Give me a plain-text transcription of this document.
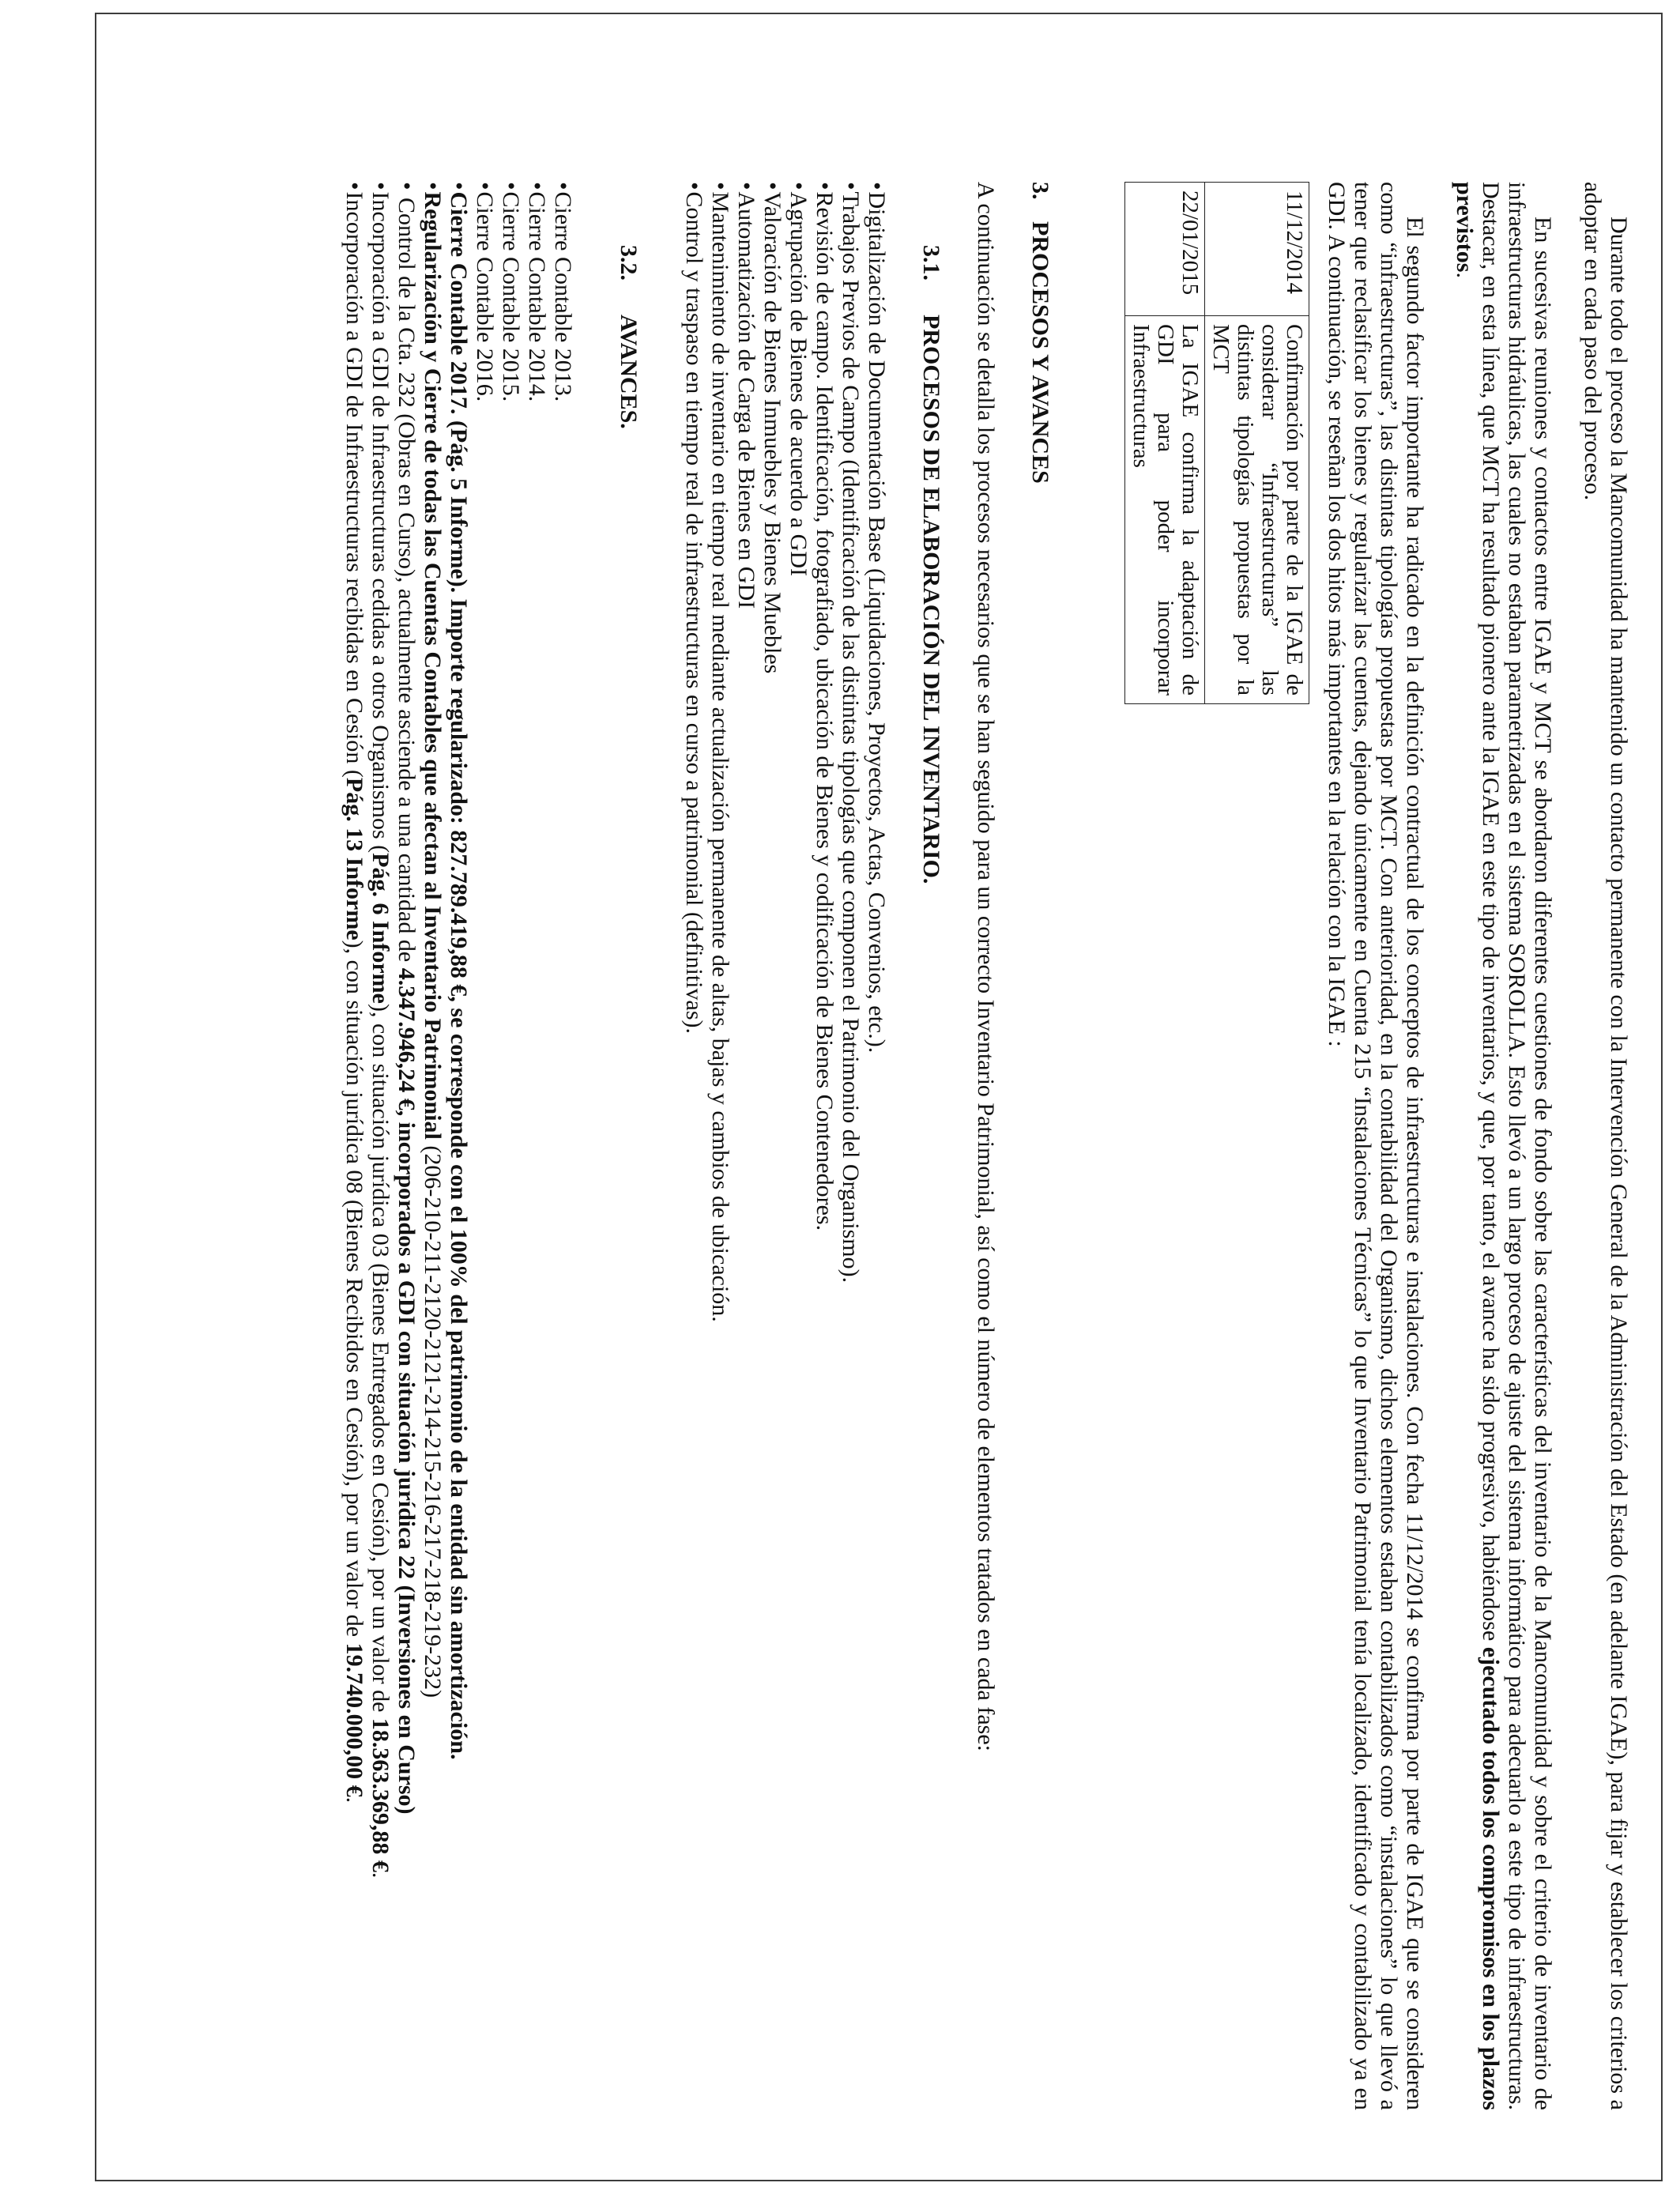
Durante todo el proceso la Mancomunidad ha mantenido un contacto permanente con la Intervención General de la Administración del Estado (en adelante IGAE), para fijar y establecer los criterios a adoptar en cada paso del proceso.

En sucesivas reuniones y contactos entre IGAE y MCT se abordaron diferentes cuestiones de fondo sobre las características del inventario de la Mancomunidad y sobre el criterio de inventario de infraestructuras hidráulicas, las cuales no estaban parametrizadas en el sistema SOROLLA. Esto llevó a un largo proceso de ajuste del sistema informático para adecuarlo a este tipo de infraestructuras. Destacar, en esta línea, que MCT ha resultado pionero ante la IGAE en este tipo de inventarios, y que, por tanto, el avance ha sido progresivo, habiéndose ejecutado todos los compromisos en los plazos previstos.

El segundo factor importante ha radicado en la definición contractual de los conceptos de infraestructuras e instalaciones. Con fecha 11/12/2014 se confirma por parte de IGAE que se consideren como “infraestructuras”, las distintas tipologías propuestas por MCT. Con anterioridad, en la contabilidad del Organismo, dichos elementos estaban contabilizados como “instalaciones” lo que llevó a tener que reclasificar los bienes y regularizar las cuentas, dejando únicamente en Cuenta 215 “Instalaciones Técnicas” lo que Inventario Patrimonial tenía localizado, identificado y contabilizado ya en GDI. A continuación, se reseñan los dos hitos más importantes en la relación con la IGAE :

11/12/2014	Confirmación por parte de la IGAE de considerar “Infraestructuras” las distintas tipologías propuestas por la MCT
22/01/2015	La IGAE confirma la adaptación de GDI para poder incorporar Infraestructuras
3.PROCESOS Y AVANCES

A continuación se detalla los procesos necesarios que se han seguido para un correcto Inventario Patrimonial, así como el número de elementos tratados en cada fase:

3.1.PROCESOS DE ELABORACIÓN DEL INVENTARIO.
•Digitalización de Documentación Base (Liquidaciones, Proyectos, Actas, Convenios, etc.).
•Trabajos Previos de Campo (Identificación de las distintas tipologías que componen el Patrimonio del Organismo).
•Revisión de campo. Identificación, fotografiado, ubicación de Bienes y codificación de Bienes Contenedores.
•Agrupación de Bienes de acuerdo a GDI
•Valoración de Bienes Inmuebles y Bienes Muebles
•Automatización de Carga de Bienes en GDI
•Mantenimiento de inventario en tiempo real mediante actualización permanente de altas, bajas y cambios de ubicación.
•Control y traspaso en tiempo real de infraestructuras en curso a patrimonial (definitivas).
3.2.AVANCES.
•Cierre Contable 2013.
•Cierre Contable 2014.
•Cierre Contable 2015.
•Cierre Contable 2016.
•Cierre Contable 2017. (Pág. 5 Informe). Importe regularizado: 827.789.419,88 €, se corresponde con el 100% del patrimonio de la entidad sin amortización.
•Regularización y Cierre de todas las Cuentas Contables que afectan al Inventario Patrimonial (206-210-211-2120-2121-214-215-216-217-218-219-232)
• Control de la Cta. 232 (Obras en Curso), actualmente asciende a una cantidad de 4.347.946,24 €, incorporados a GDI con situación jurídica 22 (Inversiones en Curso)
•Incorporación a GDI de Infraestructuras cedidas a otros Organismos (Pág. 6 Informe), con situación jurídica 03 (Bienes Entregados en Cesión), por un valor de 18.363.369,88 €.
•Incorporación a GDI de Infraestructuras recibidas en Cesión (Pág. 13 Informe), con situación jurídica 08 (Bienes Recibidos en Cesión), por un valor de 19.740.000,00 €.
